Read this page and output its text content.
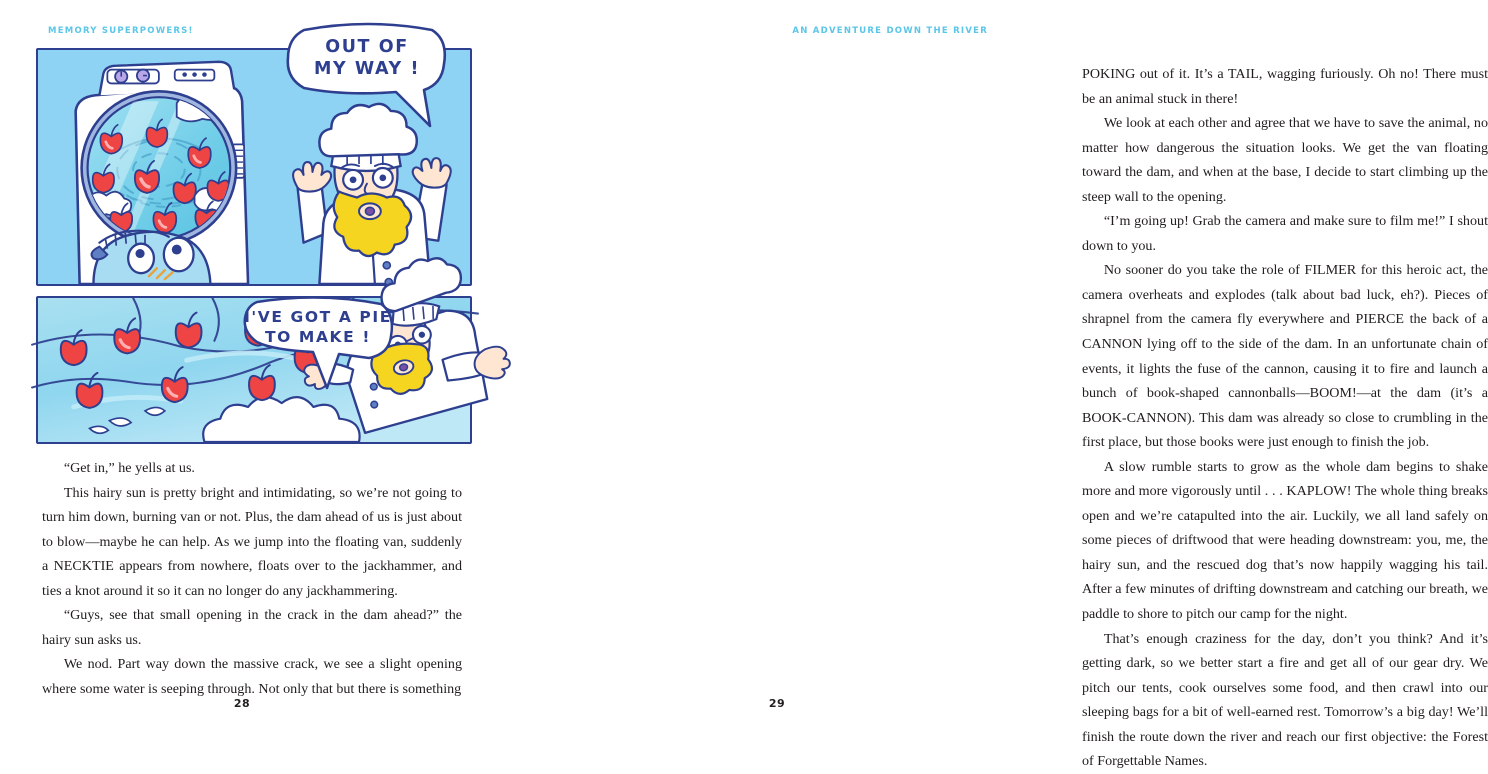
MEMORY SUPERPOWERS!
OUT OF
MY WAY !
I'VE GOT A PIE
TO MAKE !

“Get in,” he yells at us.

This hairy sun is pretty bright and intimidating, so we’re not going to turn him down, burning van or not. Plus, the dam ahead of us is just about to blow—maybe he can help. As we jump into the floating van, suddenly a NECKTIE appears from nowhere, floats over to the jackhammer, and ties a knot around it so it can no longer do any jackhammering.

“Guys, see that small opening in the crack in the dam ahead?” the hairy sun asks us.

We nod. Part way down the massive crack, we see a slight opening where some water is seeping through. Not only that but there is something

28
AN ADVENTURE DOWN THE RIVER

POKING out of it. It’s a TAIL, wagging furiously. Oh no! There must be an animal stuck in there!

We look at each other and agree that we have to save the animal, no matter how dangerous the situation looks. We get the van floating toward the dam, and when at the base, I decide to start climbing up the steep wall to the opening.

“I’m going up! Grab the camera and make sure to film me!” I shout down to you.

No sooner do you take the role of FILMER for this heroic act, the camera overheats and explodes (talk about bad luck, eh?). Pieces of shrapnel from the camera fly everywhere and PIERCE the back of a CANNON lying off to the side of the dam. In an unfortunate chain of events, it lights the fuse of the cannon, causing it to fire and launch a bunch of book-shaped cannonballs—BOOM!—at the dam (it’s a BOOK-CANNON). This dam was already so close to crumbling in the first place, but those books were just enough to finish the job.

A slow rumble starts to grow as the whole dam begins to shake more and more vigorously until . . . KAPLOW! The whole thing breaks open and we’re catapulted into the air. Luckily, we all land safely on some pieces of driftwood that were heading downstream: you, me, the hairy sun, and the rescued dog that’s now happily wagging his tail. After a few minutes of drifting downstream and catching our breath, we paddle to shore to pitch our camp for the night.

That’s enough craziness for the day, don’t you think? And it’s getting dark, so we better start a fire and get all of our gear dry. We pitch our tents, cook ourselves some food, and then crawl into our sleeping bags for a bit of well-earned rest. Tomorrow’s a big day! We’ll finish the route down the river and reach our first objective: the Forest of Forgettable Names.

29
